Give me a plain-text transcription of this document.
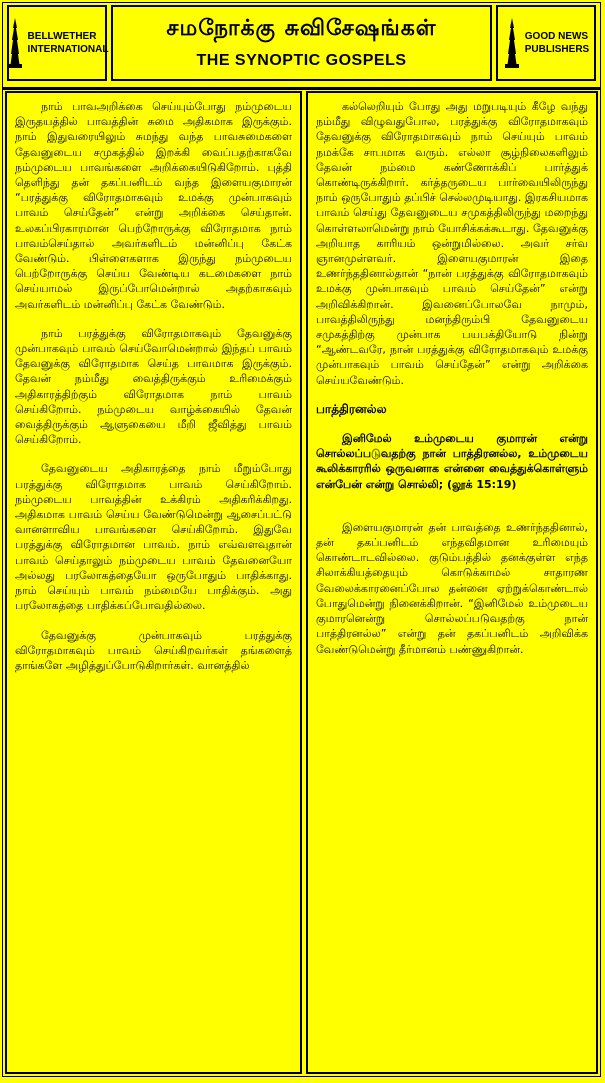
BELLWETHER
INTERNATIONAL
சமநோக்கு சுவிசேஷங்கள்
THE SYNOPTIC GOSPELS
GOOD NEWS
PUBLISHERS

நாம் பாவஅறிக்கை செய்யும்போது நம்முடைய இருதயத்தில் பாவத்தின் சுமை அதிகமாக இருக்கும். நாம் இதுவரையிலும் சுமந்து வந்த பாவசுமைகளை தேவனுடைய சமுகத்தில் இறக்கி வைப்பதற்காகவே நம்முடைய பாவங்களை அறிக்கையிடுகிறோம். புத்தி தெளிந்து தன் தகப்பனிடம் வந்த இளையகுமாரன் “பரத்துக்கு விரோதமாகவும் உமக்கு முன்பாகவும் பாவம் செய்தேன்” என்று அறிக்கை செய்தான். உலகப்பிரகாரமான பெற்றோருக்கு விரோதமாக நாம் பாவம்செய்தால் அவர்களிடம் மன்னிப்பு கேட்க வேண்டும். பிள்ளைகளாக இருந்து நம்முடைய பெற்றோருக்கு செய்ய வேண்டிய கடமைகளை நாம் செய்யாமல் இருப்போமென்றால் அதற்காகவும் அவர்களிடம் மன்னிப்பு கேட்க வேண்டும்.

நாம் பரத்துக்கு விரோதமாகவும் தேவனுக்கு முன்பாகவும் பாவம் செய்வோமென்றால் இந்தப் பாவம் தேவனுக்கு விரோதமாக செய்த பாவமாக இருக்கும். தேவன் நம்மீது வைத்திருக்கும் உரிமைக்கும் அதிகாரத்திற்கும் விரோதமாக நாம் பாவம் செய்கிறோம். நம்முடைய வாழ்க்கையில் தேவன் வைத்திருக்கும் ஆளுகையை மீறி ஜீவித்து பாவம் செய்கிறோம்.

தேவனுடைய அதிகாரத்தை நாம் மீறும்போது பரத்துக்கு விரோதமாக பாவம் செய்கிறோம். நம்முடைய பாவத்தின் உக்கிரம் அதிகரிக்கிறது. அதிகமாக பாவம் செய்ய வேண்டுமென்று ஆசைப்பட்டு வானளாவிய பாவங்களை செய்கிறோம். இதுவே பரத்துக்கு விரோதமான பாவம். நாம் எவ்வளவுதான் பாவம் செய்தாலும் நம்முடைய பாவம் தேவனையோ அல்லது பரலோகத்தையோ ஒருபோதும் பாதிக்காது. நாம் செய்யும் பாவம் நம்மையே பாதிக்கும். அது பரலோகத்தை பாதிக்கப்போவதில்லை.

தேவனுக்கு முன்பாகவும் பரத்துக்கு விரோதமாகவும் பாவம் செய்கிறவர்கள் தங்களைத் தாங்களே அழித்துப்போடுகிறார்கள். வானத்தில்

கல்லெறியும் போது அது மறுபடியும் கீழே வந்து நம்மீது விழுவதுபோல, பரத்துக்கு விரோதமாகவும் தேவனுக்கு விரோதமாகவும் நாம் செய்யும் பாவம் நமக்கே சாபமாக வரும். எல்லா சூழ்நிலைகளிலும் தேவன் நம்மை கண்ணோக்கிப் பார்த்துக் கொண்டிருக்கிறார். கர்த்தருடைய பார்வையிலிருந்து நாம் ஒருபோதும் தப்பிச் செல்லமுடியாது. இரகசியமாக பாவம் செய்து தேவனுடைய சமுகத்திலிருந்து மறைந்து கொள்ளலாமென்று நாம் யோசிக்கக்கூடாது. தேவனுக்கு அறியாத காரியம் ஒன்றுமில்லை. அவர் சர்வ ஞானமுள்ளவர். இளையகுமாரன் இதை உணர்ந்ததினால்தான் “நான் பரத்துக்கு விரோதமாகவும் உமக்கு முன்பாகவும் பாவம் செய்தேன்” என்று அறிவிக்கிறான். இவனைப்போலவே நாமும், பாவத்திலிருந்து மனந்திரும்பி தேவனுடைய சமுகத்திற்கு முன்பாக பயபக்தியோடு நின்று “ஆண்டவரே, நான் பரத்துக்கு விரோதமாகவும் உமக்கு முன்பாகவும் பாவம் செய்தேன்” என்று அறிக்கை செய்யவேண்டும்.

பாத்திரனல்ல

இனிமேல் உம்முடைய குமாரன் என்று சொல்லப்படுவதற்கு நான் பாத்திரனல்ல, உம்முடைய கூலிக்காரரில் ஒருவனாக என்னை வைத்துக்கொள்ளும் என்பேன் என்று சொல்லி; (லூக் 15:19)

இளையகுமாரன் தன் பாவத்தை உணர்ந்ததினால், தன் தகப்பனிடம் எந்தவிதமான உரிமையும் கொண்டாடவில்லை. குடும்பத்தில் தனக்குள்ள எந்த சிலாக்கியத்தையும் கொடுக்காமல் சாதாரண வேலைக்காரனைப்போல தன்னை ஏற்றுக்கொண்டால் போதுமென்று நினைக்கிறான். “இனிமேல் உம்முடைய குமாரனென்று சொல்லப்படுவதற்கு நான் பாத்திரனல்ல” என்று தன் தகப்பனிடம் அறிவிக்க வேண்டுமென்று தீர்மானம் பண்ணுகிறான்.
